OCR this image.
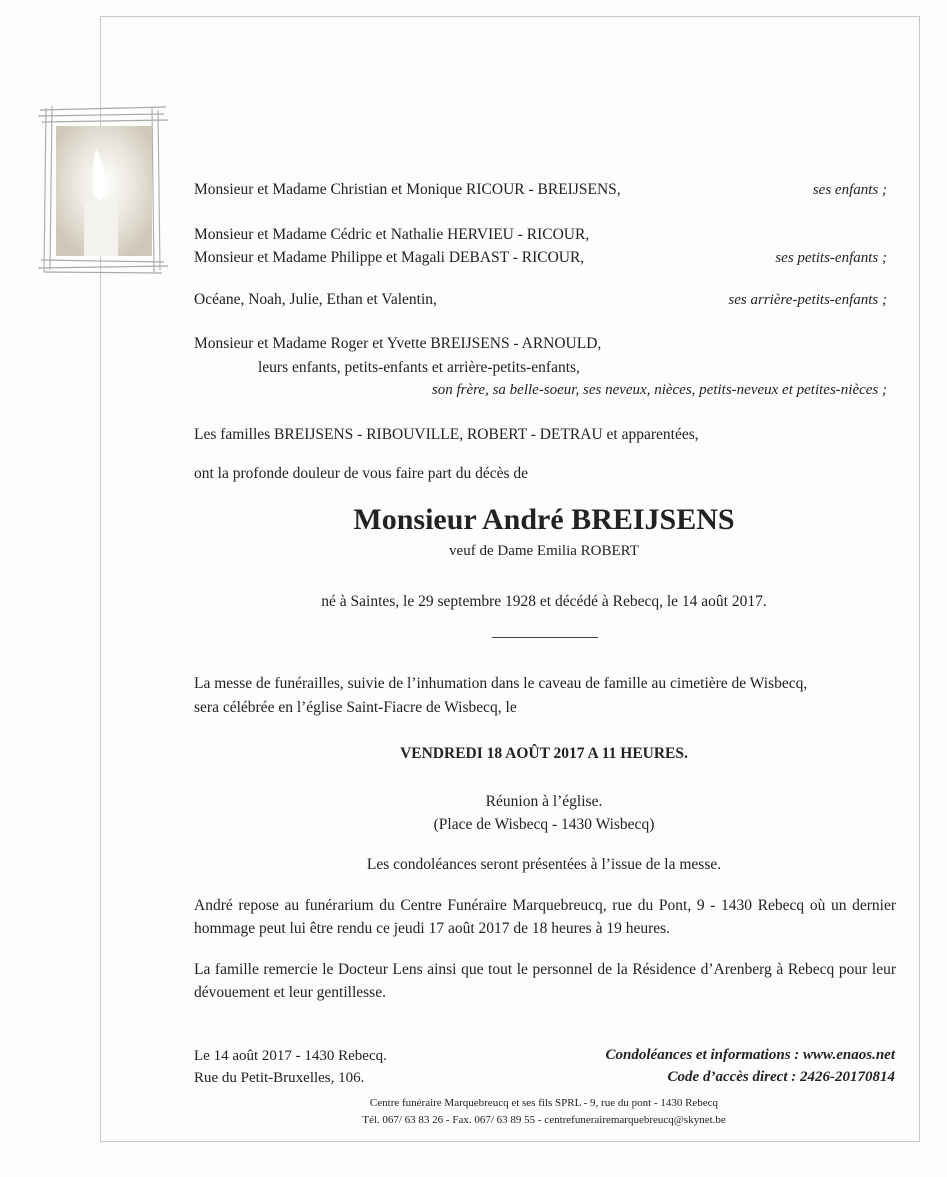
Monsieur et Madame Christian et Monique RICOUR - BREIJSENS,	ses enfants ;
Monsieur et Madame Cédric et Nathalie HERVIEU - RICOUR,
Monsieur et Madame Philippe et Magali DEBAST - RICOUR,	ses petits-enfants ;
Océane, Noah, Julie, Ethan et Valentin,	ses arrière-petits-enfants ;
Monsieur et Madame Roger et Yvette BREIJSENS - ARNOULD,
leurs enfants, petits-enfants et arrière-petits-enfants,
son frère, sa belle-soeur, ses neveux, nièces, petits-neveux et petites-nièces ;
Les familles BREIJSENS - RIBOUVILLE, ROBERT - DETRAU et apparentées,
ont la profonde douleur de vous faire part du décès de
Monsieur André BREIJSENS
veuf de Dame Emilia ROBERT
né à Saintes, le 29 septembre 1928 et décédé à Rebecq, le 14 août 2017.
La messe de funérailles, suivie de l’inhumation dans le caveau de famille au cimetière de Wisbecq,
sera célébrée en l’église Saint-Fiacre de Wisbecq, le
VENDREDI 18 AOÛT 2017 A 11 HEURES.
Réunion à l’église.
(Place de Wisbecq - 1430 Wisbecq)
Les condoléances seront présentées à l’issue de la messe.
André repose au funérarium du Centre Funéraire Marquebreucq, rue du Pont, 9 - 1430 Rebecq où un dernier hommage peut lui être rendu ce jeudi 17 août 2017 de 18 heures à 19 heures.
La famille remercie le Docteur Lens ainsi que tout le personnel de la Résidence d’Arenberg à Rebecq pour leur dévouement et leur gentillesse.
Le 14 août 2017 - 1430 Rebecq.
Rue du Petit-Bruxelles, 106.
Condoléances et informations : www.enaos.net
Code d’accès direct : 2426-20170814
Centre funéraire Marquebreucq et ses fils SPRL - 9, rue du pont - 1430 Rebecq
Tél. 067/ 63 83 26 - Fax. 067/ 63 89 55 - centrefunerairemarquebreucq@skynet.be
